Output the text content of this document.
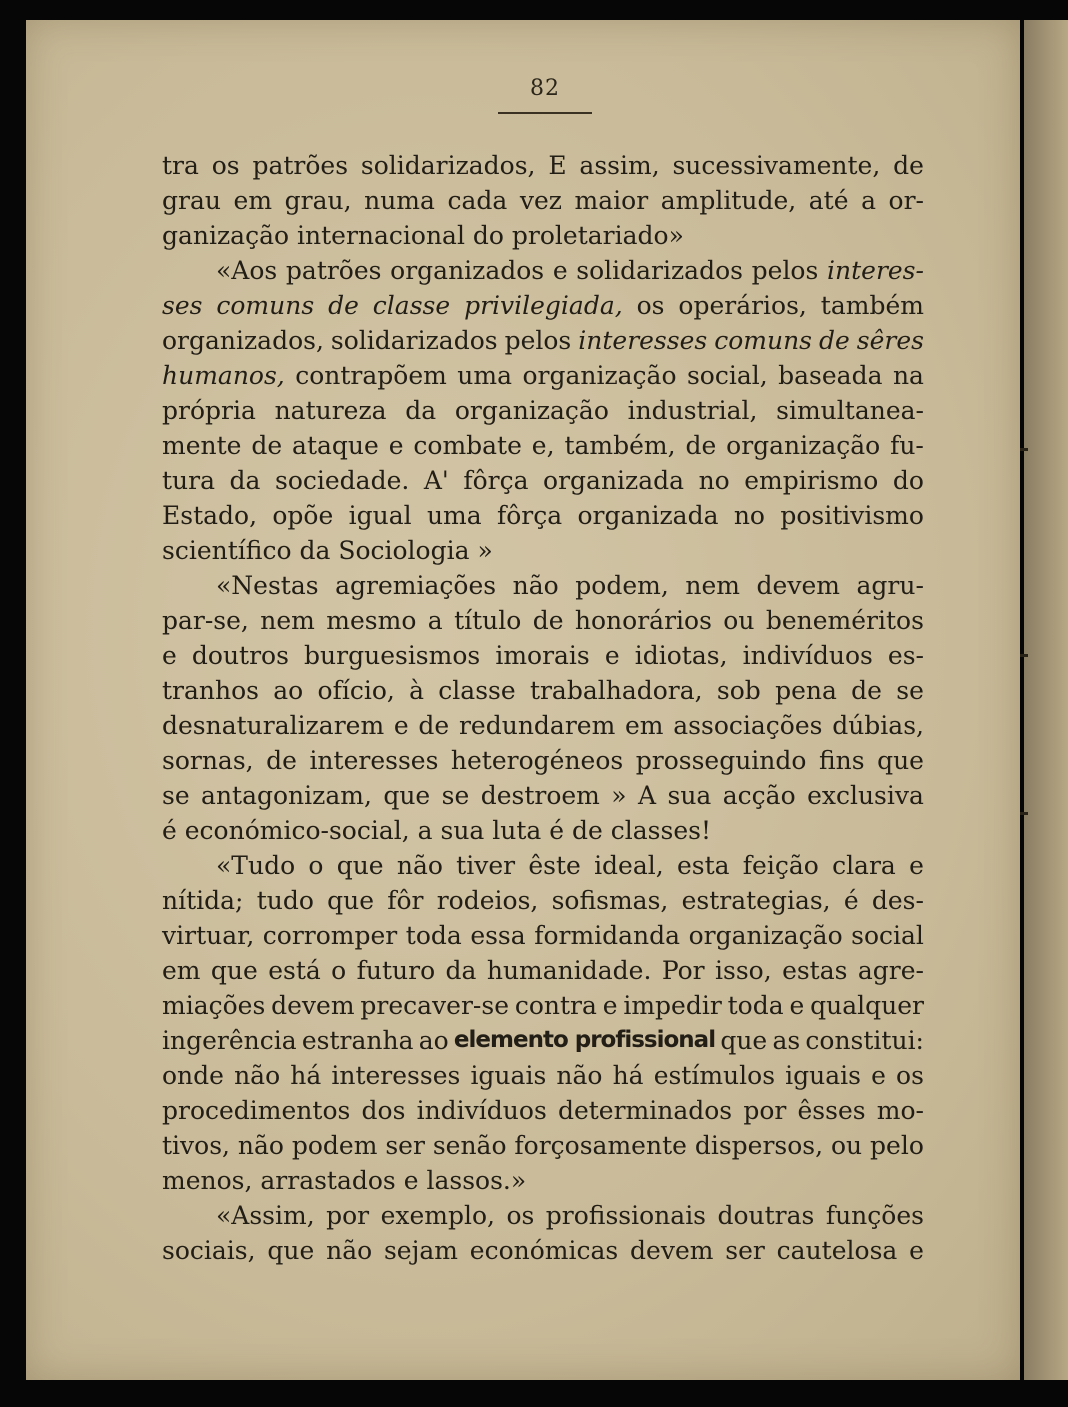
82
tra os patrões solidarizados, E assim, sucessivamente, de
grau em grau, numa cada vez maior amplitude, até a or-
ganização internacional do proletariado»
«Aos patrões organizados e solidarizados pelos interes-
ses comuns de classe privilegiada, os operários, também
organizados, solidarizados pelos interesses comuns de sêres
humanos, contrapõem uma organização social, baseada na
própria natureza da organização industrial, simultanea-
mente de ataque e combate e, também, de organização fu-
tura da sociedade. A' fôrça organizada no empirismo do
Estado, opõe igual uma fôrça organizada no positivismo
scientífico da Sociologia »
«Nestas agremiações não podem, nem devem agru-
par-se, nem mesmo a título de honorários ou beneméritos
e doutros burguesismos imorais e idiotas, indivíduos es-
tranhos ao ofício, à classe trabalhadora, sob pena de se
desnaturalizarem e de redundarem em associações dúbias,
sornas, de interesses heterogéneos prosseguindo fins que
se antagonizam, que se destroem » A sua acção exclusiva
é económico-social, a sua luta é de classes!
«Tudo o que não tiver êste ideal, esta feição clara e
nítida; tudo que fôr rodeios, sofismas, estrategias, é des-
virtuar, corromper toda essa formidanda organização social
em que está o futuro da humanidade. Por isso, estas agre-
miações devem precaver-se contra e impedir toda e qualquer
ingerência estranha ao elemento profissional que as constitui:
onde não há interesses iguais não há estímulos iguais e os
procedimentos dos indivíduos determinados por êsses mo-
tivos, não podem ser senão forçosamente dispersos, ou pelo
menos, arrastados e lassos.»
«Assim, por exemplo, os profissionais doutras funções
sociais, que não sejam económicas devem ser cautelosa e
